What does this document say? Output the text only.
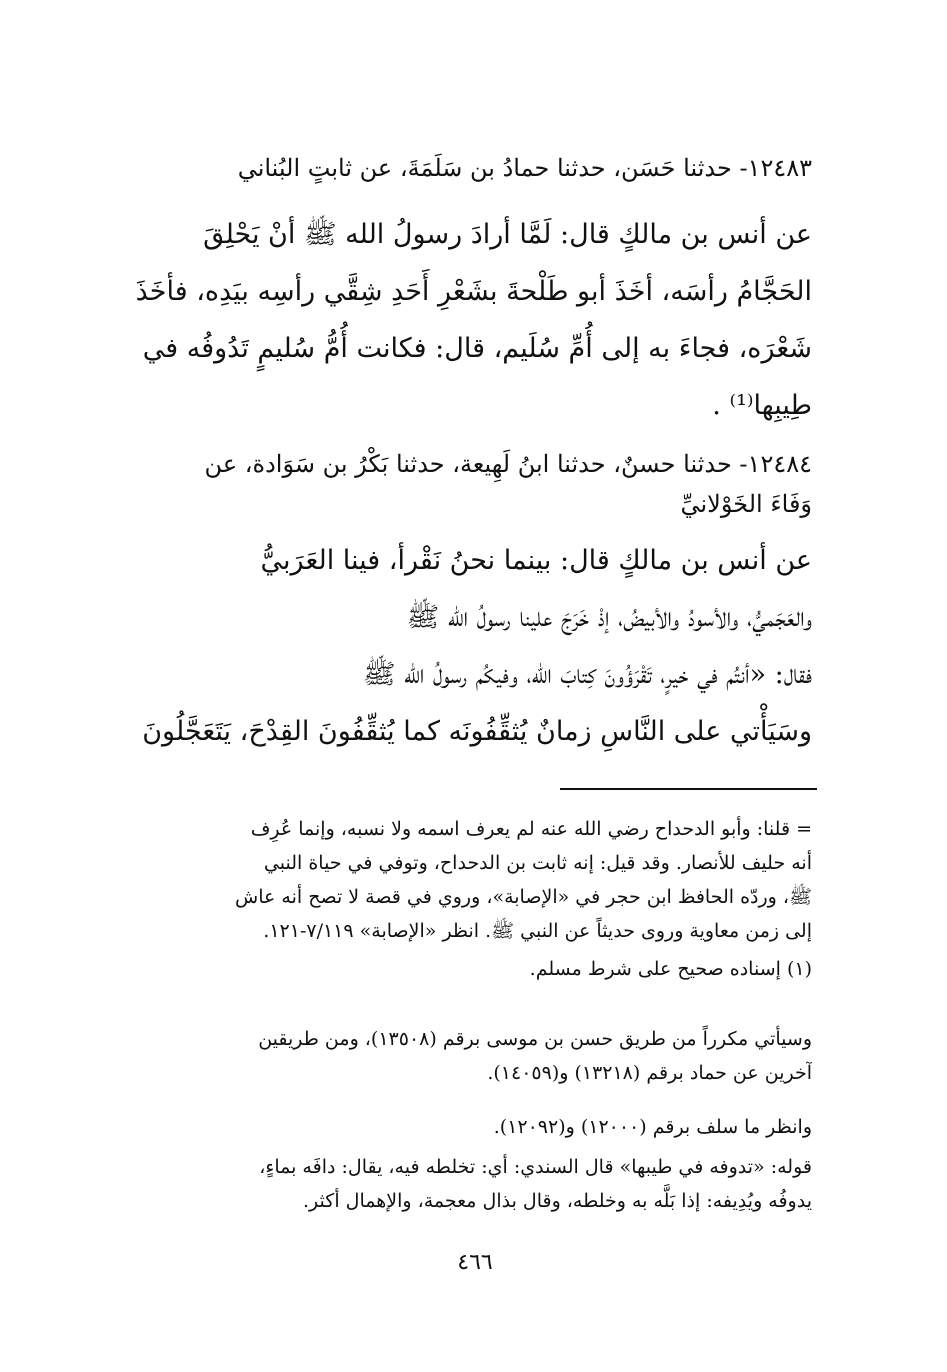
١٢٤٨٣- حدثنا حَسَن، حدثنا حمادُ بن سَلَمَةَ، عن ثابتٍ البُناني
عن أنس بن مالكٍ قال: لَمَّا أرادَ رسولُ الله ﷺ أنْ يَحْلِقَ
الحَجَّامُ رأسَه، أخَذَ أبو طَلْحةَ بشَعْرِ أَحَدِ شِقَّي رأسِه بيَدِه، فأخَذَ
شَعْرَه، فجاءَ به إلى أُمِّ سُلَيم، قال: فكانت أُمُّ سُليمٍ تَدُوفُه في
طِيبِها⁽¹⁾ .
١٢٤٨٤- حدثنا حسنٌ، حدثنا ابنُ لَهِيعة، حدثنا بَكْرُ بن سَوَادة، عن
وَفَاءَ الخَوْلانيِّ
عن أنس بن مالكٍ قال: بينما نحنُ نَقْرأ، فينا العَرَبيُّ
والعَجَميُّ، والأسودُ والأبيضُ، إذْ خَرَجَ علينا رسولُ الله ﷺ
فقال: «أنتُم في خيرٍ، تَقْرَؤُونَ كِتابَ الله، وفيكُم رسولُ الله ﷺ
وسَيَأْتي على النَّاسِ زمانٌ يُثقِّفُونَه كما يُثقِّفُونَ القِدْحَ، يَتَعَجَّلُونَ
= قلنا: وأبو الدحداح رضي الله عنه لم يعرف اسمه ولا نسبه، وإنما عُرِف
أنه حليف للأنصار. وقد قيل: إنه ثابت بن الدحداح، وتوفي في حياة النبي
ﷺ، وردّه الحافظ ابن حجر في «الإصابة»، وروي في قصة لا تصح أنه عاش
إلى زمن معاوية وروى حديثاً عن النبي ﷺ. انظر «الإصابة» ٧/١١٩-١٢١.
(١) إسناده صحيح على شرط مسلم.
وسيأتي مكرراً من طريق حسن بن موسى برقم (١٣٥٠٨)، ومن طريقين
آخرين عن حماد برقم (١٣٢١٨) و(١٤٠٥٩).
وانظر ما سلف برقم (١٢٠٠٠) و(١٢٠٩٢).
قوله: «تدوفه في طيبها» قال السندي: أي: تخلطه فيه، يقال: دافَه بماءٍ،
يدوفُه ويُدِيفه: إذا بَلَّه به وخلطه، وقال بذال معجمة، والإهمال أكثر.
٤٦٦
